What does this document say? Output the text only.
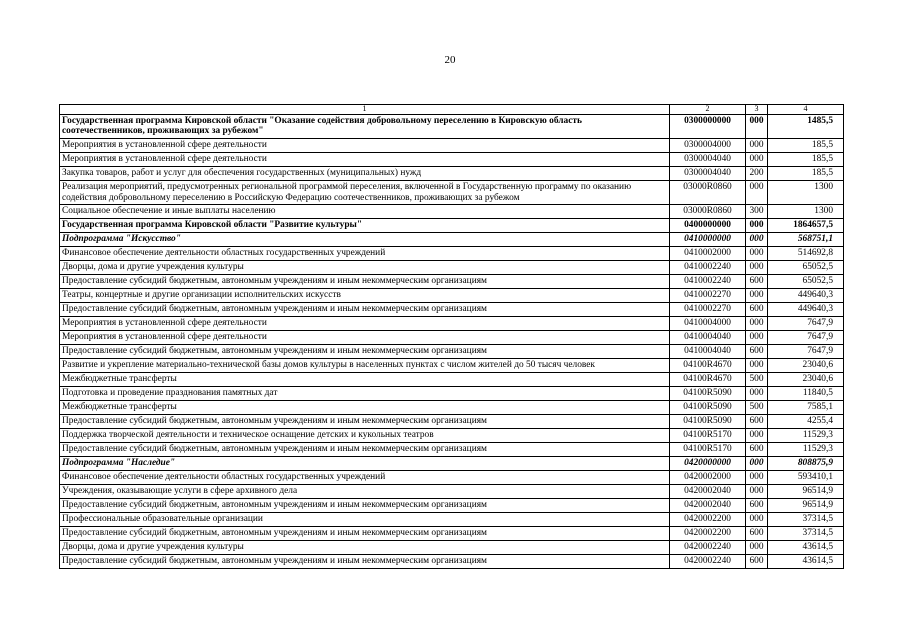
20
1	2	3	4
Государственная программа Кировской области "Оказание содействия добровольному переселению в Кировскую область соотечественников, проживающих за рубежом"	0300000000	000	1485,5
Мероприятия в установленной сфере деятельности	0300004000	000	185,5
Мероприятия в установленной сфере деятельности	0300004040	000	185,5
Закупка товаров, работ и услуг для обеспечения государственных (муниципальных) нужд	0300004040	200	185,5
Реализация мероприятий, предусмотренных региональной программой переселения, включенной в Государственную программу по оказанию содействия добровольному переселению в Российскую Федерацию соотечественников, проживающих за рубежом	03000R0860	000	1300
Социальное обеспечение и иные выплаты населению	03000R0860	300	1300
Государственная программа Кировской области "Развитие культуры"	0400000000	000	1864657,5
Подпрограмма "Искусство"	0410000000	000	568751,1
Финансовое обеспечение деятельности областных государственных учреждений	0410002000	000	514692,8
Дворцы, дома и другие учреждения культуры	0410002240	000	65052,5
Предоставление субсидий бюджетным, автономным учреждениям и иным некоммерческим организациям	0410002240	600	65052,5
Театры, концертные и другие организации исполнительских искусств	0410002270	000	449640,3
Предоставление субсидий бюджетным, автономным учреждениям и иным некоммерческим организациям	0410002270	600	449640,3
Мероприятия в установленной сфере деятельности	0410004000	000	7647,9
Мероприятия в установленной сфере деятельности	0410004040	000	7647,9
Предоставление субсидий бюджетным, автономным учреждениям и иным некоммерческим организациям	0410004040	600	7647,9
Развитие и укрепление материально-технической базы домов культуры в населенных пунктах с числом жителей до 50 тысяч человек	04100R4670	000	23040,6
Межбюджетные трансферты	04100R4670	500	23040,6
Подготовка и проведение празднования памятных дат	04100R5090	000	11840,5
Межбюджетные трансферты	04100R5090	500	7585,1
Предоставление субсидий бюджетным, автономным учреждениям и иным некоммерческим организациям	04100R5090	600	4255,4
Поддержка творческой деятельности и техническое оснащение детских и кукольных театров	04100R5170	000	11529,3
Предоставление субсидий бюджетным, автономным учреждениям и иным некоммерческим организациям	04100R5170	600	11529,3
Подпрограмма "Наследие"	0420000000	000	808875,9
Финансовое обеспечение деятельности областных государственных учреждений	0420002000	000	593410,1
Учреждения, оказывающие услуги в сфере архивного дела	0420002040	000	96514,9
Предоставление субсидий бюджетным, автономным учреждениям и иным некоммерческим организациям	0420002040	600	96514,9
Профессиональные образовательные организации	0420002200	000	37314,5
Предоставление субсидий бюджетным, автономным учреждениям и иным некоммерческим организациям	0420002200	600	37314,5
Дворцы, дома и другие учреждения культуры	0420002240	000	43614,5
Предоставление субсидий бюджетным, автономным учреждениям и иным некоммерческим организациям	0420002240	600	43614,5
